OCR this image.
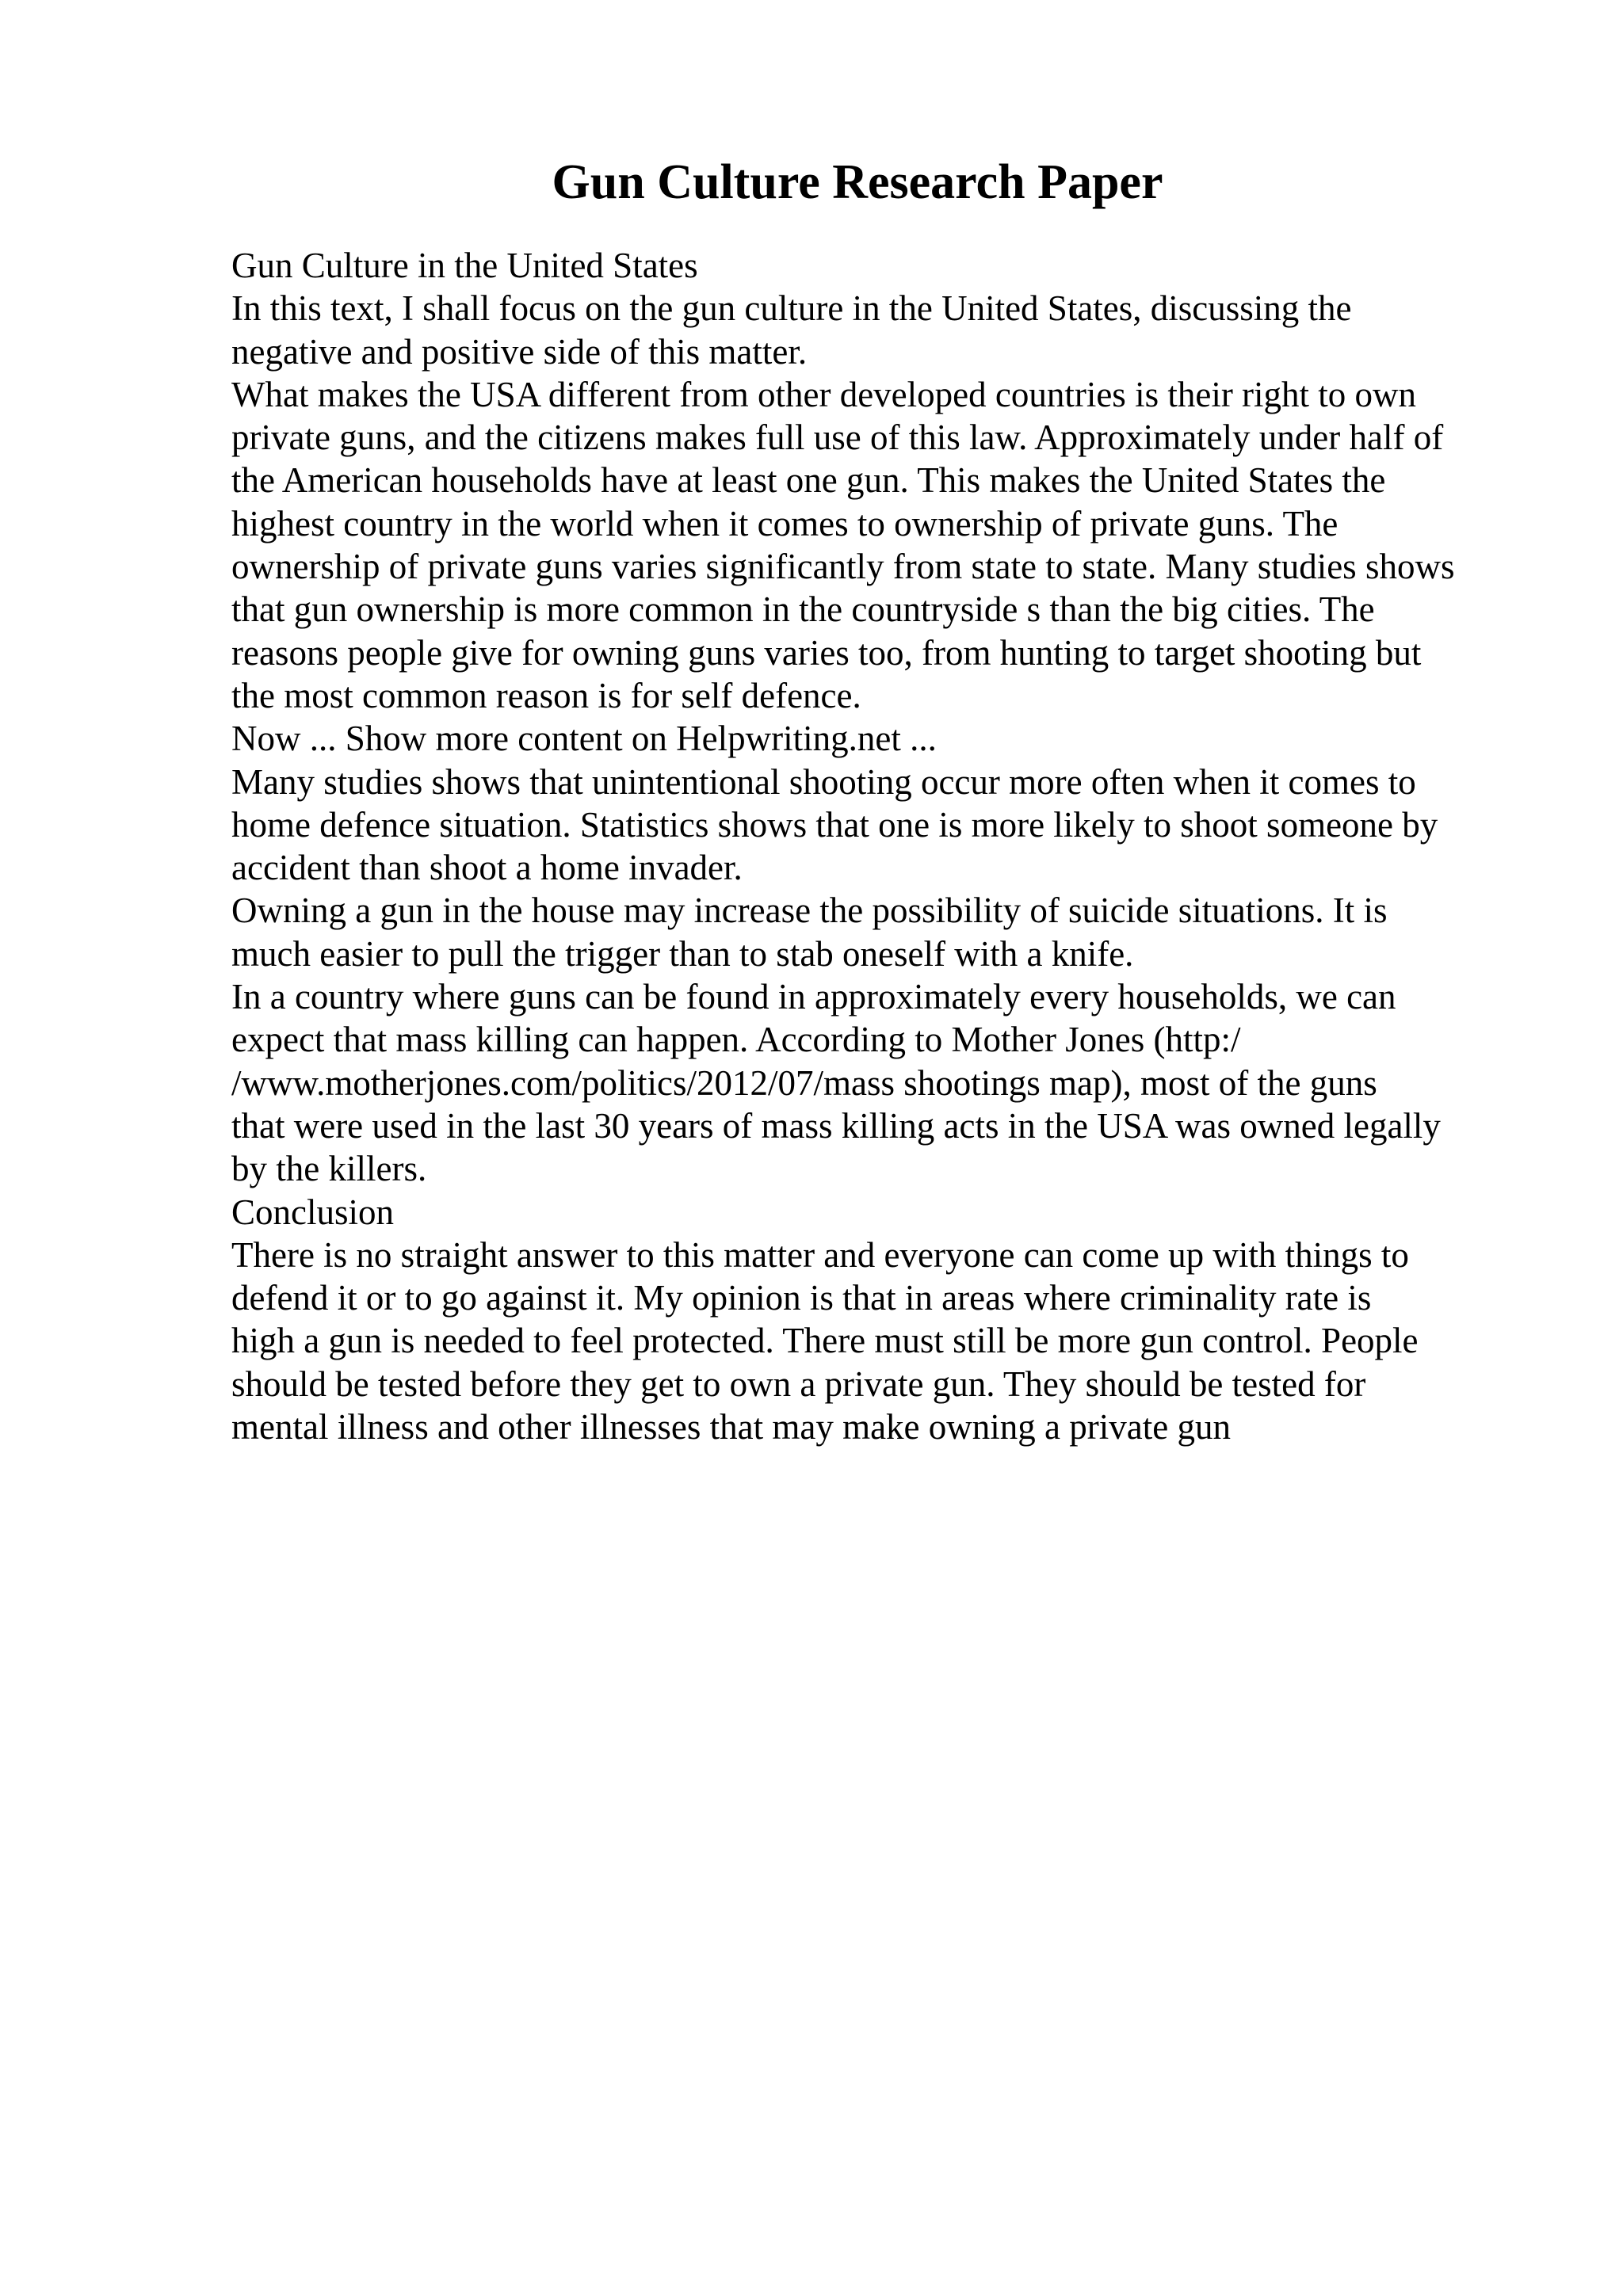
Gun Culture Research Paper
Gun Culture in the United States
In this text, I shall focus on the gun culture in the United States, discussing the
negative and positive side of this matter.
What makes the USA different from other developed countries is their right to own
private guns, and the citizens makes full use of this law. Approximately under half of
the American households have at least one gun. This makes the United States the
highest country in the world when it comes to ownership of private guns. The
ownership of private guns varies significantly from state to state. Many studies shows
that gun ownership is more common in the countryside s than the big cities. The
reasons people give for owning guns varies too, from hunting to target shooting but
the most common reason is for self defence.
Now ... Show more content on Helpwriting.net ...
Many studies shows that unintentional shooting occur more often when it comes to
home defence situation. Statistics shows that one is more likely to shoot someone by
accident than shoot a home invader.
Owning a gun in the house may increase the possibility of suicide situations. It is
much easier to pull the trigger than to stab oneself with a knife.
In a country where guns can be found in approximately every households, we can
expect that mass killing can happen. According to Mother Jones (http:/
/www.motherjones.com/politics/2012/07/mass shootings map), most of the guns
that were used in the last 30 years of mass killing acts in the USA was owned legally
by the killers.
Conclusion
There is no straight answer to this matter and everyone can come up with things to
defend it or to go against it. My opinion is that in areas where criminality rate is
high a gun is needed to feel protected. There must still be more gun control. People
should be tested before they get to own a private gun. They should be tested for
mental illness and other illnesses that may make owning a private gun
